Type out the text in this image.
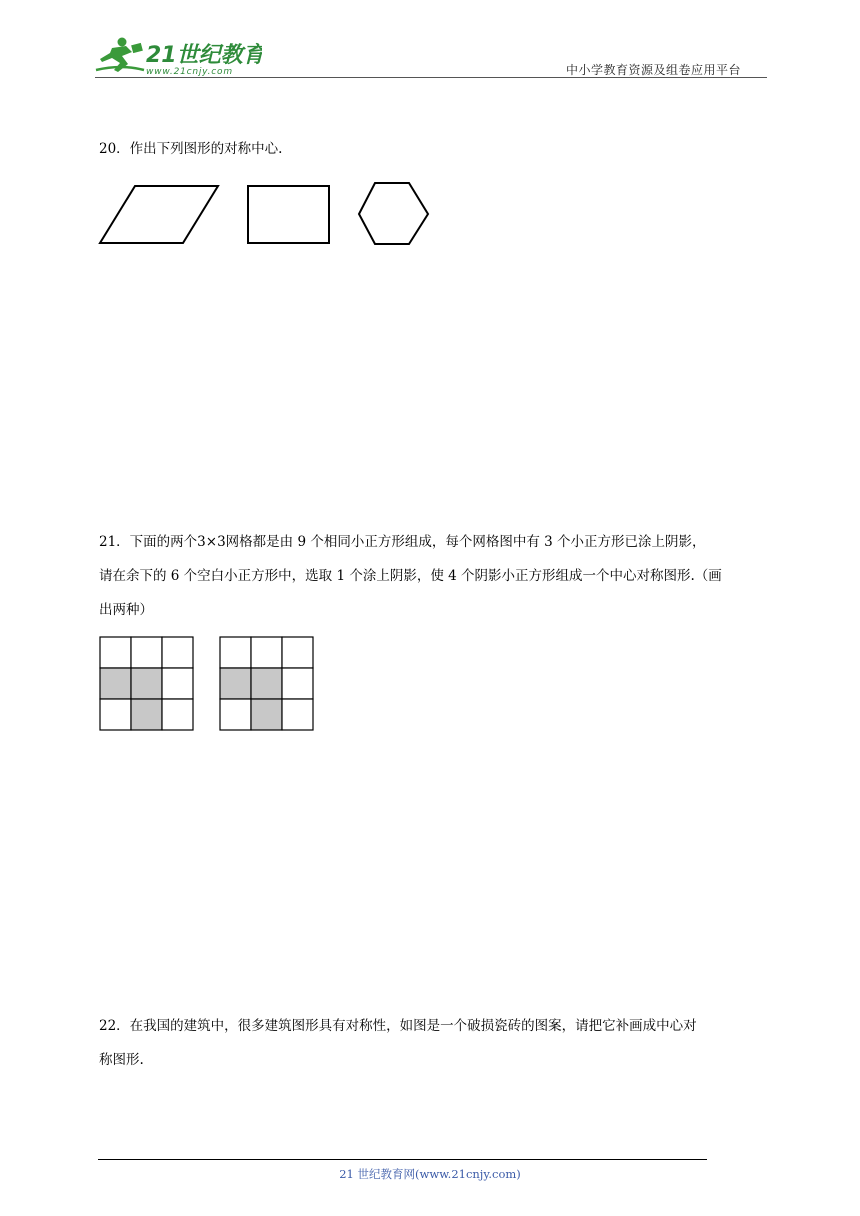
21世纪教育
www.21cnjy.com	中小学教育资源及组卷应用平台
20．作出下列图形的对称中心.
21．下面的两个3×3网格都是由 9 个相同小正方形组成，每个网格图中有 3 个小正方形已涂上阴影，
请在余下的 6 个空白小正方形中，选取 1 个涂上阴影，使 4 个阴影小正方形组成一个中心对称图形.（画
出两种）
22．在我国的建筑中，很多建筑图形具有对称性，如图是一个破损瓷砖的图案，请把它补画成中心对
称图形.
21 世纪教育网(www.21cnjy.com)
